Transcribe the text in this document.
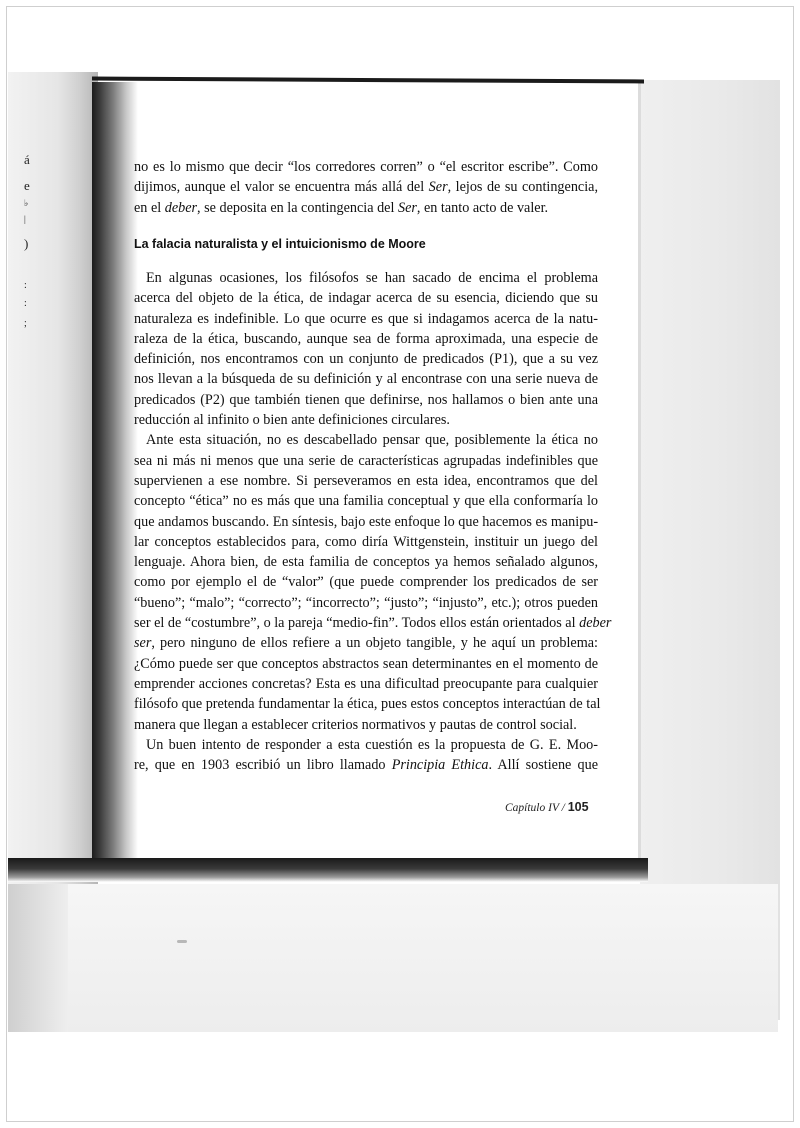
á
e
♭
|
)
:
:
;
no es lo mismo que decir “los corredores corren” o “el escritor escribe”. Como
dijimos, aunque el valor se encuentra más allá del Ser, lejos de su contingencia,
en el deber, se deposita en la contingencia del Ser, en tanto acto de valer.
La falacia naturalista y el intuicionismo de Moore
En algunas ocasiones, los filósofos se han sacado de encima el problema
acerca del objeto de la ética, de indagar acerca de su esencia, diciendo que su
naturaleza es indefinible. Lo que ocurre es que si indagamos acerca de la natu-
raleza de la ética, buscando, aunque sea de forma aproximada, una especie de
definición, nos encontramos con un conjunto de predicados (P1), que a su vez
nos llevan a la búsqueda de su definición y al encontrase con una serie nueva de
predicados (P2) que también tienen que definirse, nos hallamos o bien ante una
reducción al infinito o bien ante definiciones circulares.
Ante esta situación, no es descabellado pensar que, posiblemente la ética no
sea ni más ni menos que una serie de características agrupadas indefinibles que
supervienen a ese nombre. Si perseveramos en esta idea, encontramos que del
concepto “ética” no es más que una familia conceptual y que ella conformaría lo
que andamos buscando. En síntesis, bajo este enfoque lo que hacemos es manipu-
lar conceptos establecidos para, como diría Wittgenstein, instituir un juego del
lenguaje. Ahora bien, de esta familia de conceptos ya hemos señalado algunos,
como por ejemplo el de “valor” (que puede comprender los predicados de ser
“bueno”; “malo”; “correcto”; “incorrecto”; “justo”; “injusto”, etc.); otros pueden
ser el de “costumbre”, o la pareja “medio-fin”. Todos ellos están orientados al deber
ser, pero ninguno de ellos refiere a un objeto tangible, y he aquí un problema:
¿Cómo puede ser que conceptos abstractos sean determinantes en el momento de
emprender acciones concretas? Esta es una dificultad preocupante para cualquier
filósofo que pretenda fundamentar la ética, pues estos conceptos interactúan de tal
manera que llegan a establecer criterios normativos y pautas de control social.
Un buen intento de responder a esta cuestión es la propuesta de G. E. Moo-
re, que en 1903 escribió un libro llamado Principia Ethica. Allí sostiene que
Capítulo IV / 105
